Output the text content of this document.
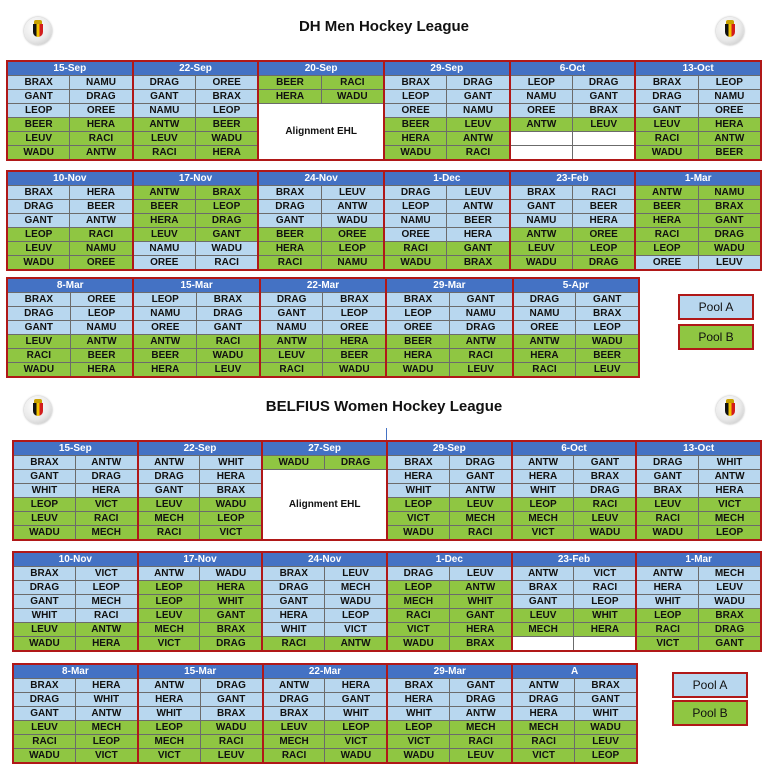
DH Men Hockey League
15-Sep
BRAX	NAMU
GANT	DRAG
LEOP	OREE
BEER	HERA
LEUV	RACI
WADU	ANTW
22-Sep
DRAG	OREE
GANT	BRAX
NAMU	LEOP
ANTW	BEER
LEUV	WADU
RACI	HERA
20-Sep
BEER	RACI
HERA	WADU
Alignment EHL
29-Sep
BRAX	DRAG
LEOP	GANT
OREE	NAMU
BEER	LEUV
HERA	ANTW
WADU	RACI
6-Oct
LEOP	DRAG
NAMU	GANT
OREE	BRAX
ANTW	LEUV
13-Oct
BRAX	LEOP
DRAG	NAMU
GANT	OREE
LEUV	HERA
RACI	ANTW
WADU	BEER
10-Nov
BRAX	HERA
DRAG	BEER
GANT	ANTW
LEOP	RACI
LEUV	NAMU
WADU	OREE
17-Nov
ANTW	BRAX
BEER	LEOP
HERA	DRAG
LEUV	GANT
NAMU	WADU
OREE	RACI
24-Nov
BRAX	LEUV
DRAG	ANTW
GANT	WADU
BEER	OREE
HERA	LEOP
RACI	NAMU
1-Dec
DRAG	LEUV
LEOP	ANTW
NAMU	BEER
OREE	HERA
RACI	GANT
WADU	BRAX
23-Feb
BRAX	RACI
GANT	BEER
NAMU	HERA
ANTW	OREE
LEUV	LEOP
WADU	DRAG
1-Mar
ANTW	NAMU
BEER	BRAX
HERA	GANT
RACI	DRAG
LEOP	WADU
OREE	LEUV
8-Mar
BRAX	OREE
DRAG	LEOP
GANT	NAMU
LEUV	ANTW
RACI	BEER
WADU	HERA
15-Mar
LEOP	BRAX
NAMU	DRAG
OREE	GANT
ANTW	RACI
BEER	WADU
HERA	LEUV
22-Mar
DRAG	BRAX
GANT	LEOP
NAMU	OREE
ANTW	HERA
LEUV	BEER
RACI	WADU
29-Mar
BRAX	GANT
LEOP	NAMU
OREE	DRAG
BEER	ANTW
HERA	RACI
WADU	LEUV
5-Apr
DRAG	GANT
NAMU	BRAX
OREE	LEOP
ANTW	WADU
HERA	BEER
RACI	LEUV
Pool A
Pool B
BELFIUS Women Hockey League
15-Sep
BRAX	ANTW
GANT	DRAG
WHIT	HERA
LEOP	VICT
LEUV	RACI
WADU	MECH
22-Sep
ANTW	WHIT
DRAG	HERA
GANT	BRAX
LEUV	WADU
MECH	LEOP
RACI	VICT
27-Sep
WADU	DRAG
Alignment EHL
29-Sep
BRAX	DRAG
HERA	GANT
WHIT	ANTW
LEOP	LEUV
VICT	MECH
WADU	RACI
6-Oct
ANTW	GANT
HERA	BRAX
WHIT	DRAG
LEOP	RACI
MECH	LEUV
VICT	WADU
13-Oct
DRAG	WHIT
GANT	ANTW
BRAX	HERA
LEUV	VICT
RACI	MECH
WADU	LEOP
10-Nov
BRAX	VICT
DRAG	LEOP
GANT	MECH
WHIT	RACI
LEUV	ANTW
WADU	HERA
17-Nov
ANTW	WADU
LEOP	HERA
LEOP	WHIT
LEUV	GANT
MECH	BRAX
VICT	DRAG
24-Nov
BRAX	LEUV
DRAG	MECH
GANT	WADU
HERA	LEOP
WHIT	VICT
RACI	ANTW
1-Dec
DRAG	LEUV
LEOP	ANTW
MECH	WHIT
RACI	GANT
VICT	HERA
WADU	BRAX
23-Feb
ANTW	VICT
BRAX	RACI
GANT	LEOP
LEUV	WHIT
MECH	HERA
1-Mar
ANTW	MECH
HERA	LEUV
WHIT	WADU
LEOP	BRAX
RACI	DRAG
VICT	GANT
8-Mar
BRAX	HERA
DRAG	WHIT
GANT	ANTW
LEUV	MECH
RACI	LEOP
WADU	VICT
15-Mar
ANTW	DRAG
HERA	GANT
WHIT	BRAX
LEOP	WADU
MECH	RACI
VICT	LEUV
22-Mar
ANTW	HERA
DRAG	GANT
BRAX	WHIT
LEUV	LEOP
MECH	VICT
RACI	WADU
29-Mar
BRAX	GANT
HERA	DRAG
WHIT	ANTW
LEOP	MECH
VICT	RACI
WADU	LEUV
A
ANTW	BRAX
DRAG	GANT
HERA	WHIT
MECH	WADU
RACI	LEUV
VICT	LEOP
Pool A
Pool B
